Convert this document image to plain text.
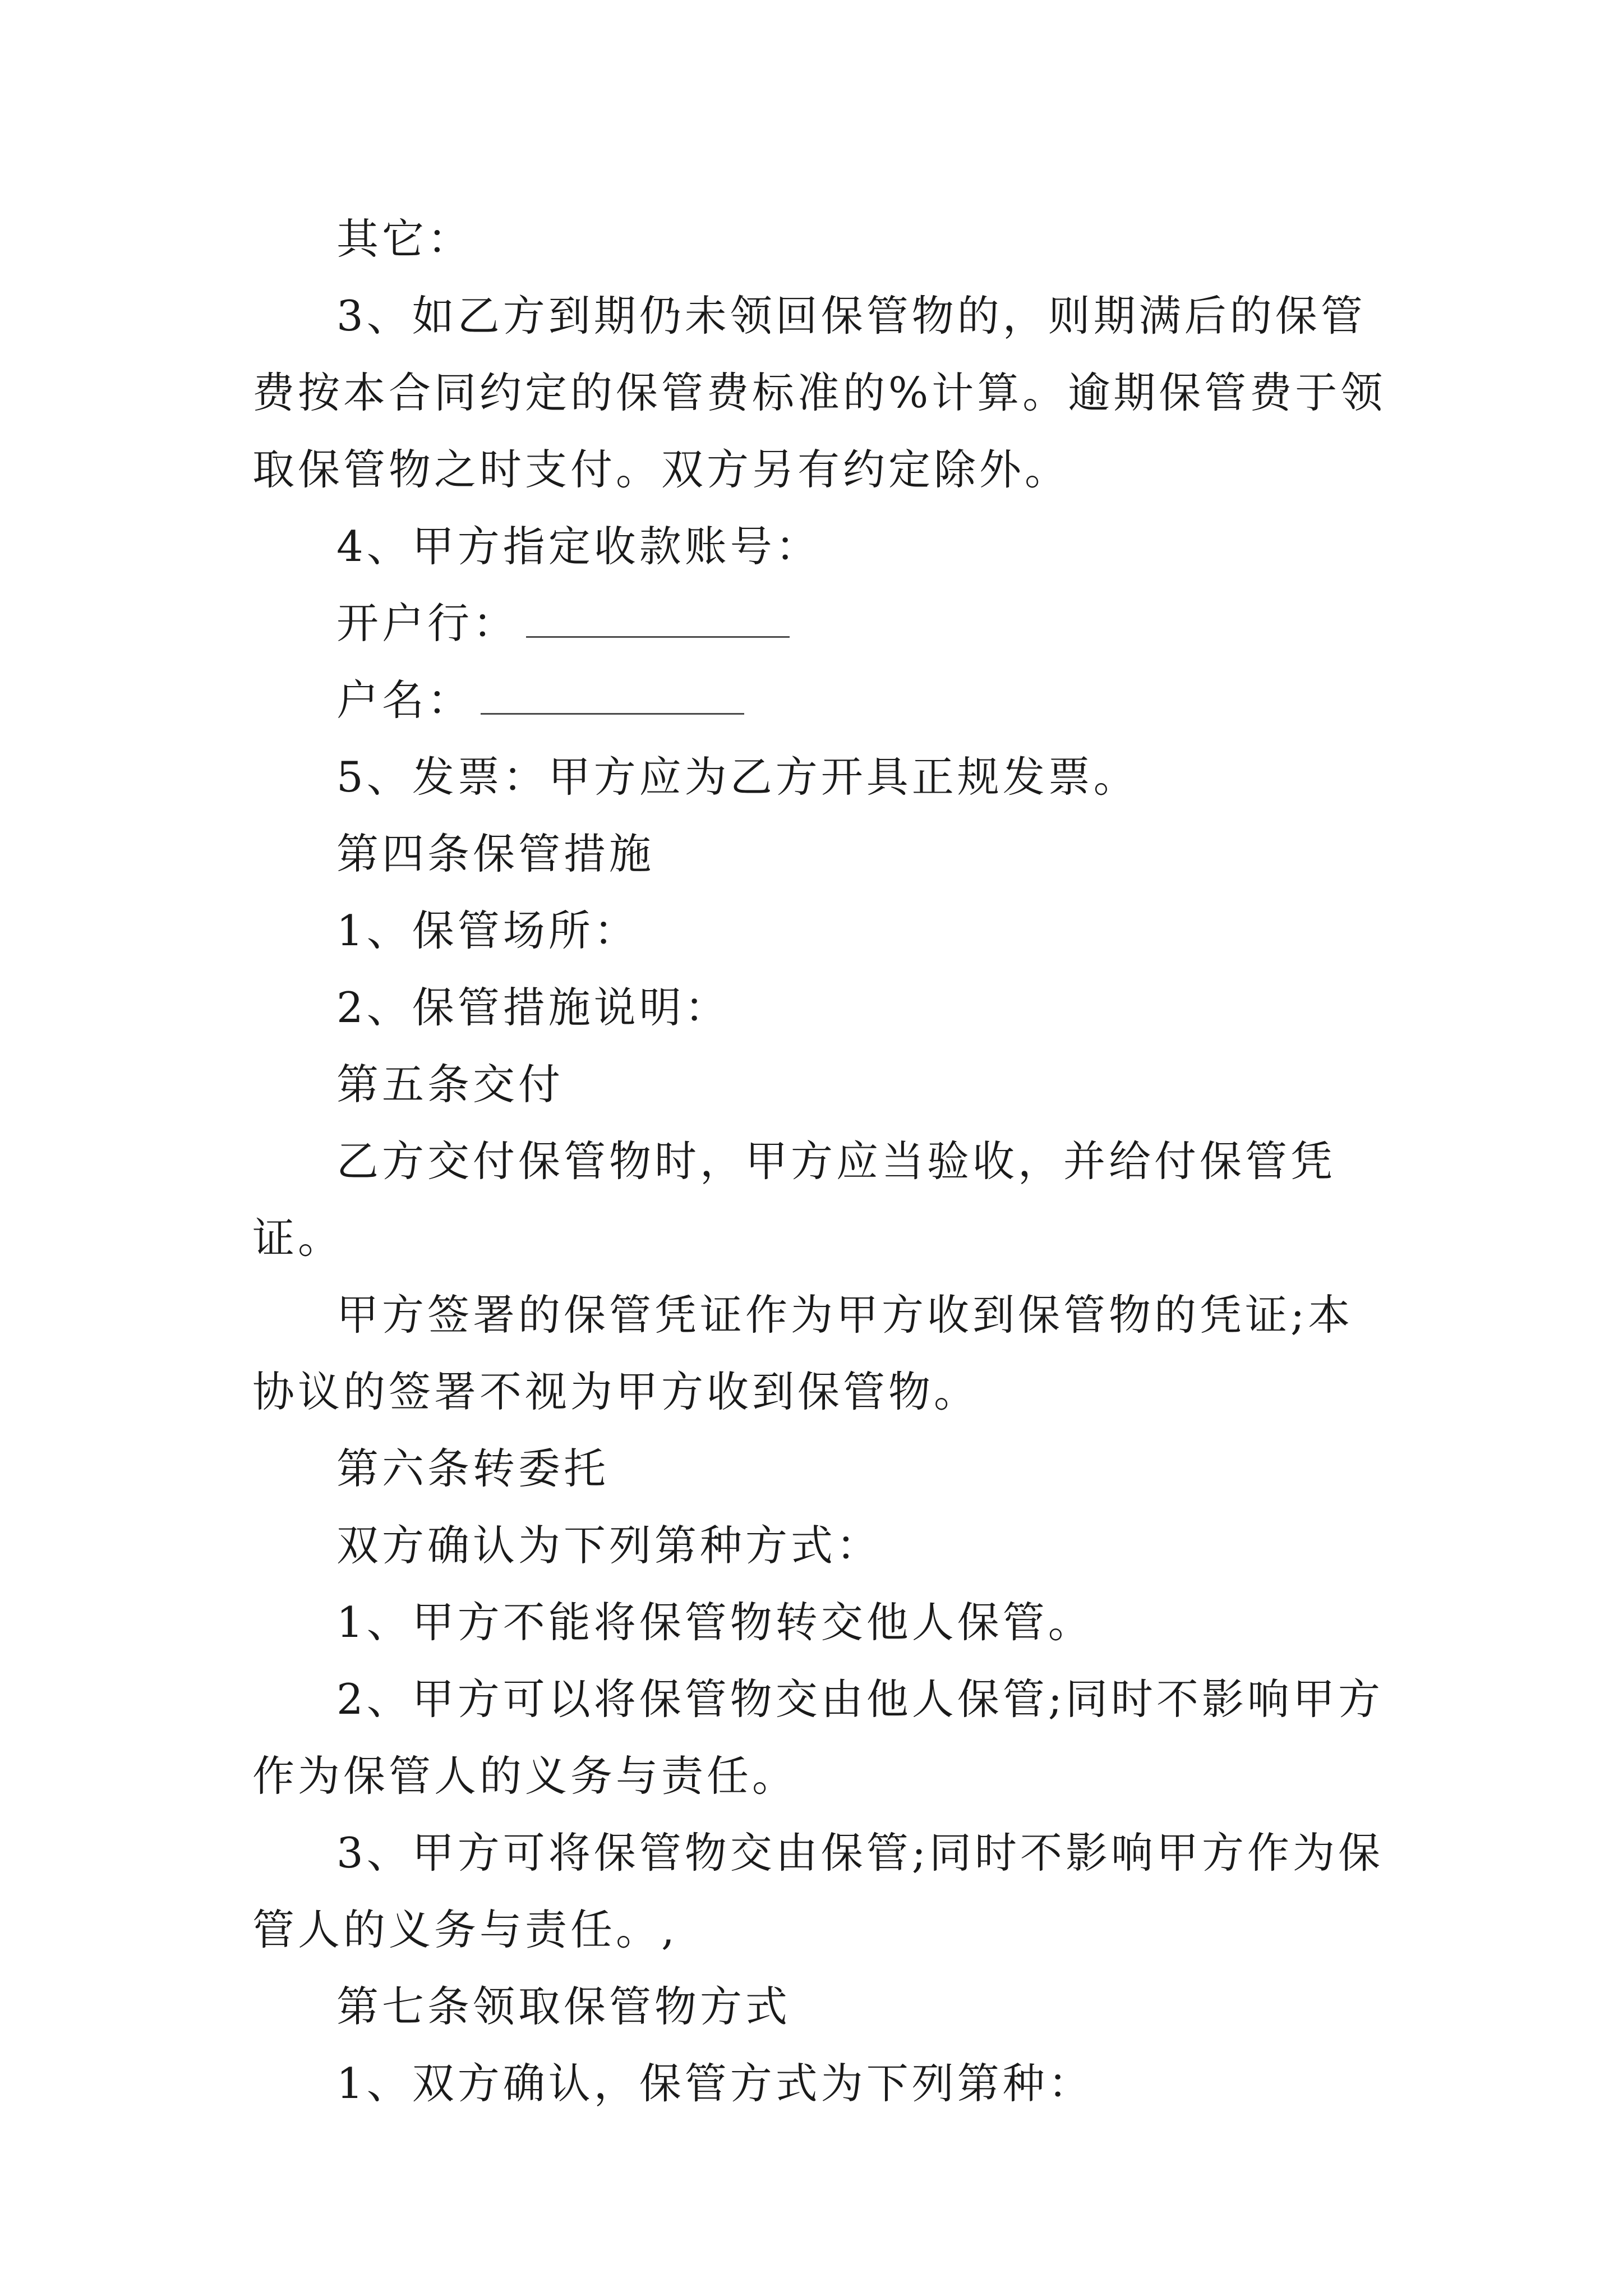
其它：

3、如乙方到期仍未领回保管物的，则期满后的保管费按本合同约定的保管费标准的%计算。逾期保管费于领取保管物之时支付。双方另有约定除外。

4、甲方指定收款账号：

开户行：

户名：

5、发票：甲方应为乙方开具正规发票。

第四条保管措施

1、保管场所：

2、保管措施说明：

第五条交付

乙方交付保管物时，甲方应当验收，并给付保管凭证。

甲方签署的保管凭证作为甲方收到保管物的凭证;本协议的签署不视为甲方收到保管物。

第六条转委托

双方确认为下列第种方式：

1、甲方不能将保管物转交他人保管。

2、甲方可以将保管物交由他人保管;同时不影响甲方作为保管人的义务与责任。

3、甲方可将保管物交由保管;同时不影响甲方作为保管人的义务与责任。,

第七条领取保管物方式

1、双方确认，保管方式为下列第种：
